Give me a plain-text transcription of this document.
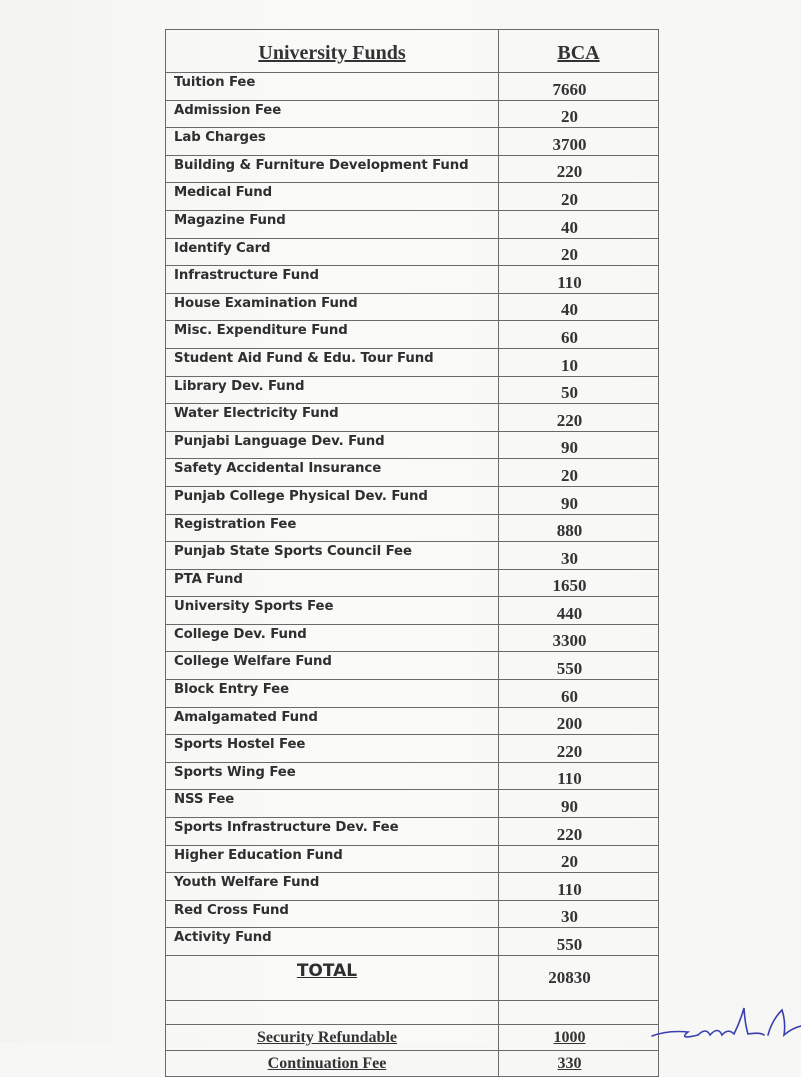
University Funds	BCA
Tuition Fee	7660
Admission Fee	20
Lab Charges	3700
Building & Furniture Development Fund	220
Medical Fund	20
Magazine Fund	40
Identify Card	20
Infrastructure Fund	110
House Examination Fund	40
Misc. Expenditure Fund	60
Student Aid Fund & Edu. Tour Fund	10
Library Dev. Fund	50
Water Electricity Fund	220
Punjabi Language Dev. Fund	90
Safety Accidental Insurance	20
Punjab College Physical Dev. Fund	90
Registration Fee	880
Punjab State Sports Council Fee	30
PTA Fund	1650
University Sports Fee	440
College Dev. Fund	3300
College Welfare Fund	550
Block Entry Fee	60
Amalgamated Fund	200
Sports Hostel Fee	220
Sports Wing Fee	110
NSS Fee	90
Sports Infrastructure Dev. Fee	220
Higher Education Fund	20
Youth Welfare Fund	110
Red Cross Fund	30
Activity Fund	550
TOTAL	20830

Security Refundable	1000
Continuation Fee	330
